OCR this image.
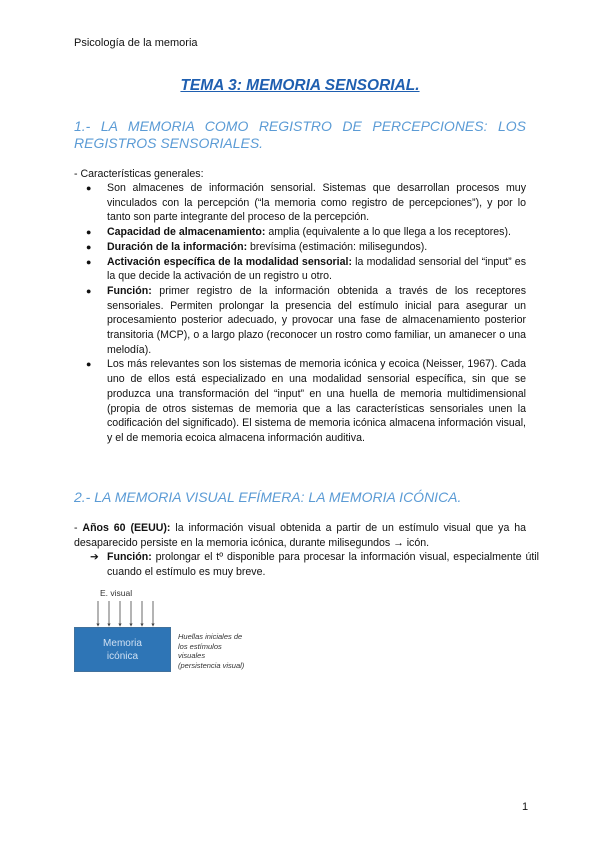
Psicología de la memoria
TEMA 3: MEMORIA SENSORIAL.
1.- LA MEMORIA COMO REGISTRO DE PERCEPCIONES: LOS REGISTROS SENSORIALES.
- Características generales:
● Son almacenes de información sensorial. Sistemas que desarrollan procesos muy vinculados con la percepción (“la memoria como registro de percepciones”), y por lo tanto son parte integrante del proceso de la percepción.
● Capacidad de almacenamiento: amplia (equivalente a lo que llega a los receptores).
● Duración de la información: brevísima (estimación: milisegundos).
● Activación específica de la modalidad sensorial: la modalidad sensorial del “input” es la que decide la activación de un registro u otro.
● Función: primer registro de la información obtenida a través de los receptores sensoriales. Permiten prolongar la presencia del estímulo inicial para asegurar un procesamiento posterior adecuado, y provocar una fase de almacenamiento posterior transitoria (MCP), o a largo plazo (reconocer un rostro como familiar, un amanecer o una melodía).
● Los más relevantes son los sistemas de memoria icónica y ecoica (Neisser, 1967). Cada uno de ellos está especializado en una modalidad sensorial específica, sin que se produzca una transformación del “input” en una huella de memoria multidimensional (propia de otros sistemas de memoria que a las características sensoriales unen la codificación del significado). El sistema de memoria icónica almacena información visual, y el de memoria ecoica almacena información auditiva.
2.- LA MEMORIA VISUAL EFÍMERA: LA MEMORIA ICÓNICA.
- Años 60 (EEUU): la información visual obtenida a partir de un estímulo visual que ya ha desaparecido persiste en la memoria icónica, durante milisegundos → icón.
➔ Función: prolongar el tº disponible para procesar la información visual, especialmente útil cuando el estímulo es muy breve.
E. visual
Memoria
icónica
Huellas iniciales de
los estímulos
visuales
(persistencia visual)
1
